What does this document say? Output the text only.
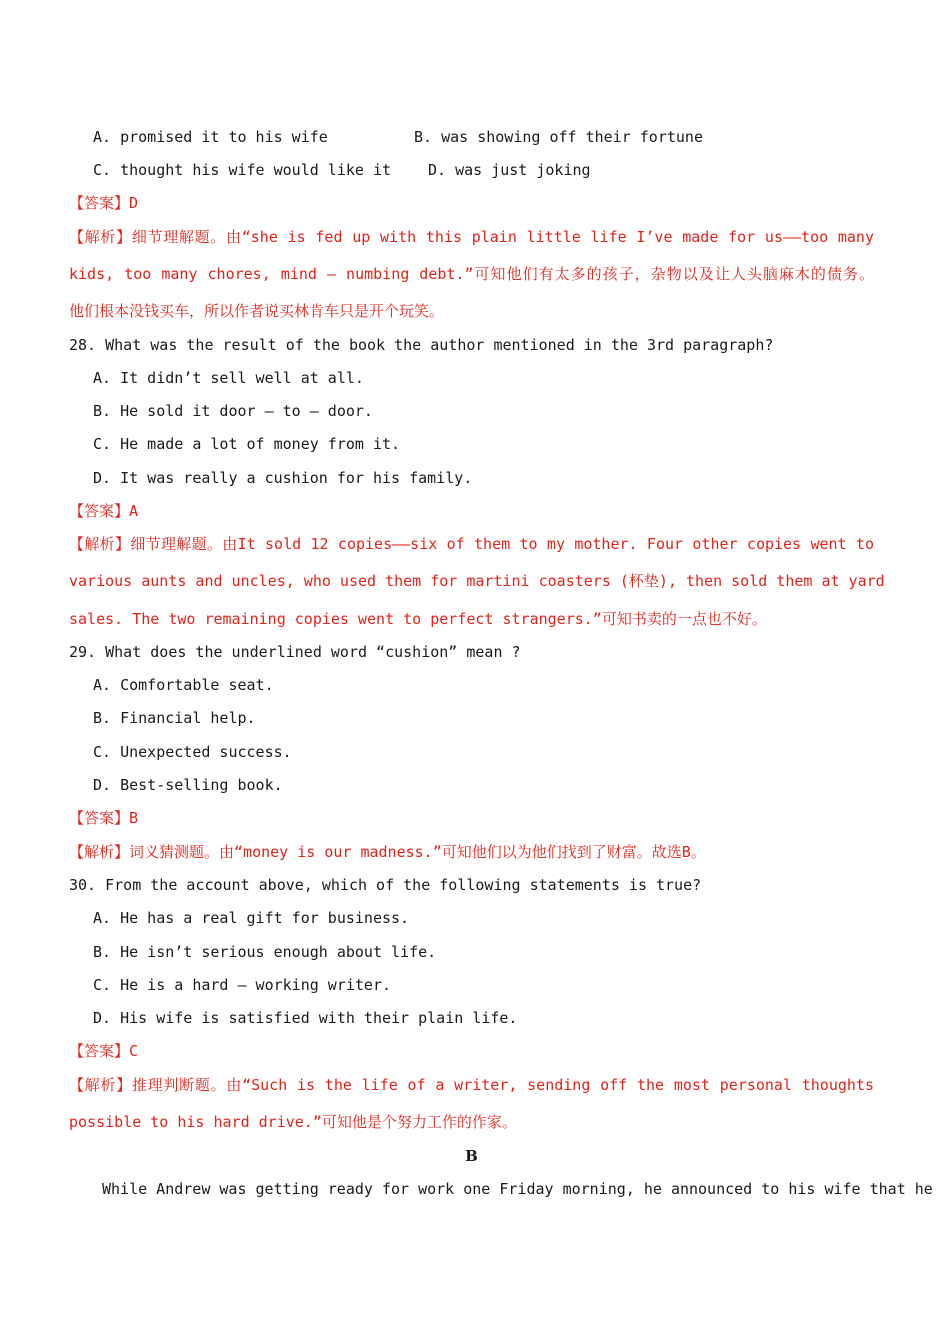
A. promised it to his wife	B. was showing off their fortune
C. thought his wife would like it D. was just joking
【答案】D
【解析】细节理解题。由“she is fed up with this plain little life I’ve made for us——too many
kids, too many chores, mind – numbing debt.”可知他们有太多的孩子，杂物以及让人头脑麻木的债务。
他们根本没钱买车，所以作者说买林肯车只是开个玩笑。
28. What was the result of the book the author mentioned in the 3rd paragraph?
A. It didn’t sell well at all.
B. He sold it door – to – door.
C. He made a lot of money from it.
D. It was really a cushion for his family.
【答案】A
【解析】细节理解题。由It sold 12 copies——six of them to my mother. Four other copies went to
various aunts and uncles, who used them for martini coasters (杯垫), then sold them at yard
sales. The two remaining copies went to perfect strangers.”可知书卖的一点也不好。
29. What does the underlined word “cushion” mean ?
A. Comfortable seat.
B. Financial help.
C. Unexpected success.
D. Best-selling book.
【答案】B
【解析】词义猜测题。由“money is our madness.”可知他们以为他们找到了财富。故选B。
30. From the account above, which of the following statements is true?
A. He has a real gift for business.
B. He isn’t serious enough about life.
C. He is a hard – working writer.
D. His wife is satisfied with their plain life.
【答案】C
【解析】推理判断题。由“Such is the life of a writer, sending off the most personal thoughts
possible to his hard drive.”可知他是个努力工作的作家。
B
While Andrew was getting ready for work one Friday morning, he announced to his wife that he
